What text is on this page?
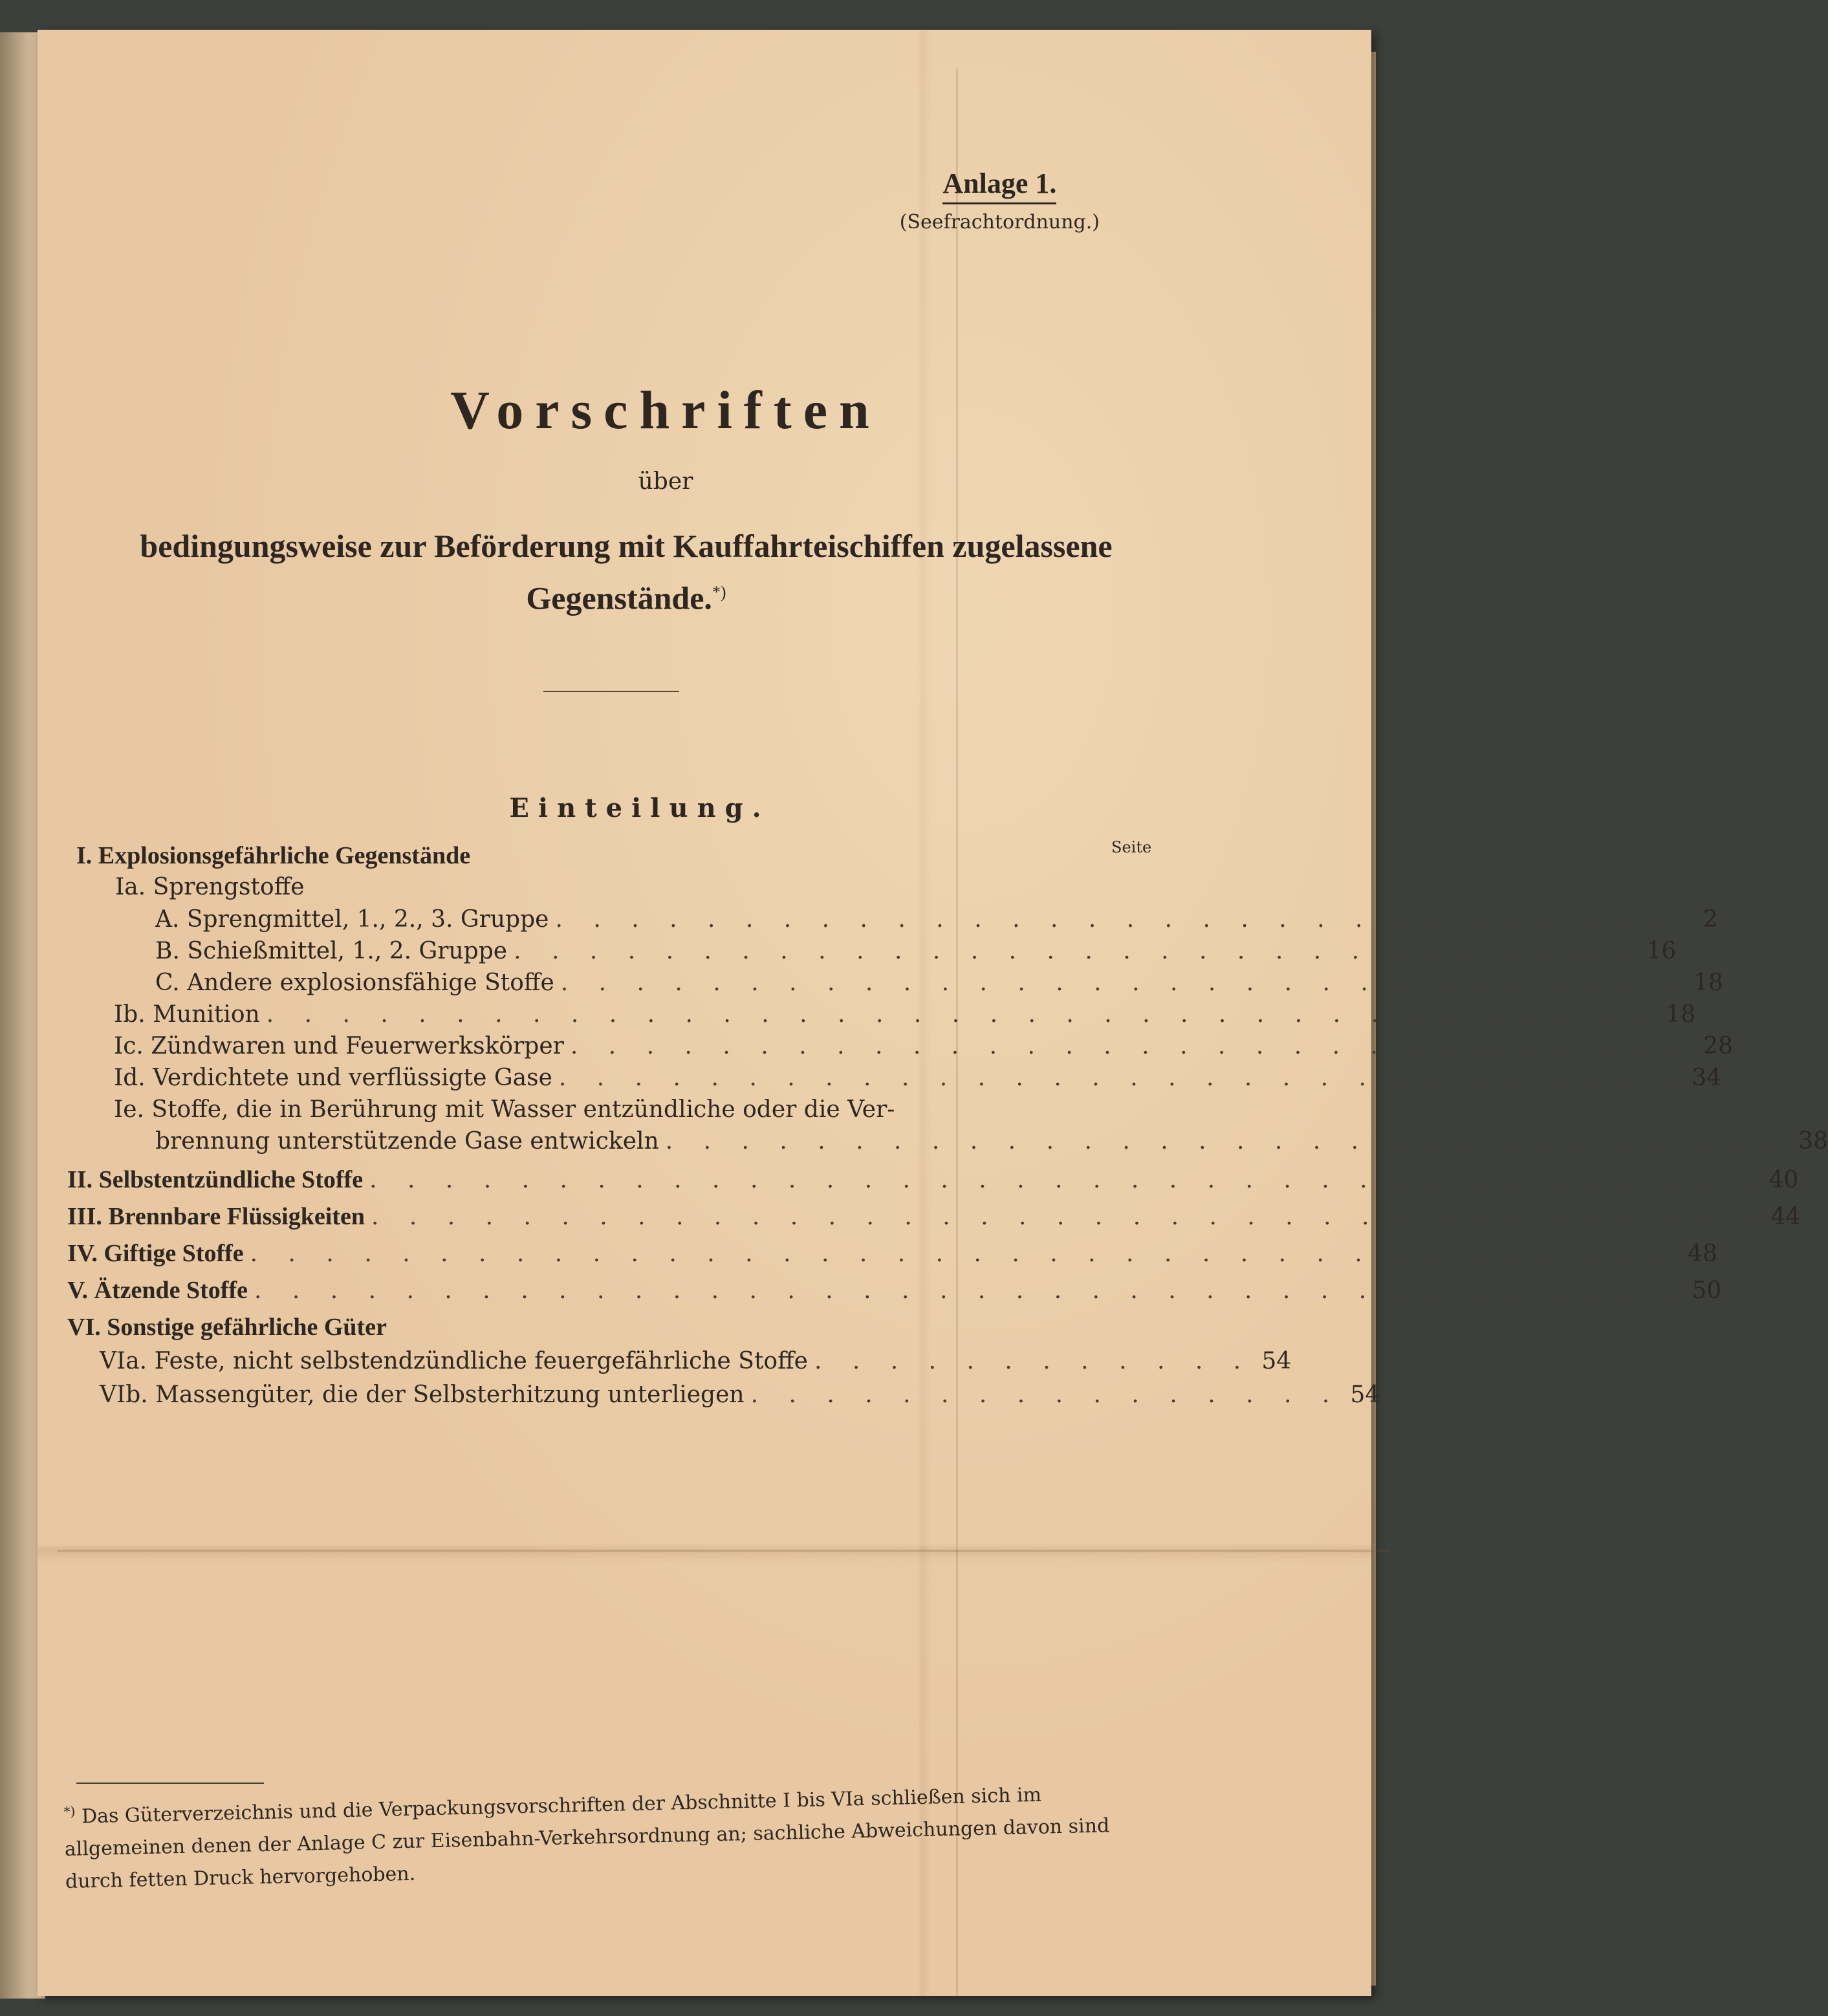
Anlage 1.
(Seefrachtordnung.)
Vorschriften
über
bedingungsweise zur Beförderung mit Kauffahrteischiffen zugelassene
Gegenstände.*)
Einteilung.
Seite
I. Explosionsgefährliche Gegenstände
Ia. Sprengstoffe
A. Sprengmittel, 1., 2., 3. Gruppe . . . . . . . . . . . . . . . . . . . . . . . . . . . . . .	2
B. Schießmittel, 1., 2. Gruppe . . . . . . . . . . . . . . . . . . . . . . . . . . . . . . 16
C. Andere explosionsfähige Stoffe . . . . . . . . . . . . . . . . . . . . . . . . . . . . . . 18
Ib. Munition . . . . . . . . . . . . . . . . . . . . . . . . . . . . . . . . . . . . . 18
Ic. Zündwaren und Feuerwerkskörper . . . . . . . . . . . . . . . . . . . . . . . . . . . . . . 28
Id. Verdichtete und verflüssigte Gase . . . . . . . . . . . . . . . . . . . . . . . . . . . . . . 34
Ie. Stoffe, die in Berührung mit Wasser entzündliche oder die Ver-
brennung unterstützende Gase entwickeln . . . . . . . . . . . . . . . . . . . . . . . . . . . . . . 38
II. Selbstentzündliche Stoffe . . . . . . . . . . . . . . . . . . . . . . . . . . . . . . . . . . . . . 40
III. Brennbare Flüssigkeiten . . . . . . . . . . . . . . . . . . . . . . . . . . . . . . . . . . . . . 44
IV. Giftige Stoffe . . . . . . . . . . . . . . . . . . . . . . . . . . . . . . . . . . . . . . 48
V. Ätzende Stoffe . . . . . . . . . . . . . . . . . . . . . . . . . . . . . . . . . . . . . . 50
VI. Sonstige gefährliche Güter
VIa. Feste, nicht selbstendzündliche feuergefährliche Stoffe . . . . . . . . . . . . 54
VIb. Massengüter, die der Selbsterhitzung unterliegen . . . . . . . . . . . . . . . . 54
*) Das Güterverzeichnis und die Verpackungsvorschriften der Abschnitte I bis VIa schließen sich im allgemeinen denen der Anlage C zur Eisenbahn-Verkehrsordnung an; sachliche Abweichungen davon sind durch fetten Druck hervorgehoben.
